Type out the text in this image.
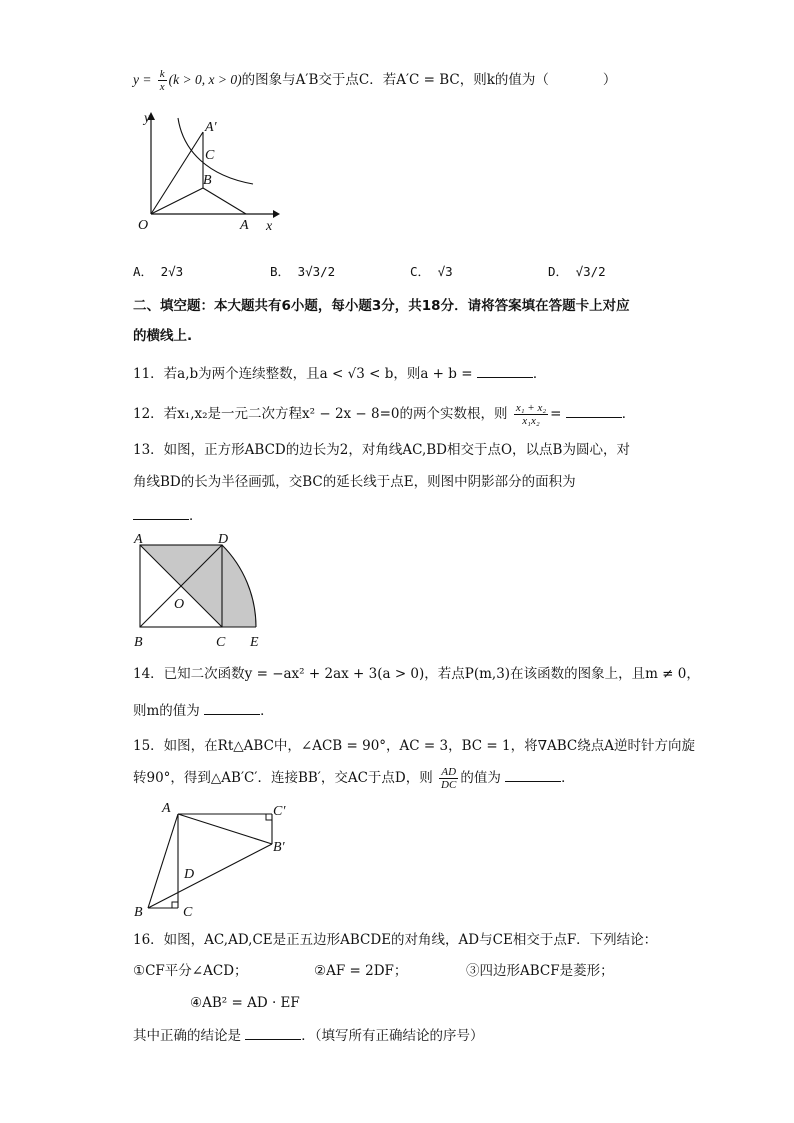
$y = \frac{k}{x} (k > 0$, x > 0)的图象与A′B交于点C．若A′C = BC，则k的值为（　　　　）
y
x
O	A
A′
C
B
A． 2√3	B． 3√3/2	C． √3	D． √3/2
二、填空题：本大题共有6小题，每小题3分，共18分．请将答案填在答题卡上对应
的横线上.
11．若a,b为两个连续整数，且a < √3 < b，则a + b =	．
12．若x₁,x₂是一元二次方程x² − 2x − 8=0的两个实数根，则 $\frac{\text{x₁ + x₂}}{\text{x₁x₂}}$ =	．
13．如图，正方形ABCD的边长为2，对角线AC,BD相交于点O，以点B为圆心，对
角线BD的长为半径画弧，交BC的延长线于点E，则图中阴影部分的面积为
．
A	D
O
B	C E
14．已知二次函数y = −ax² + 2ax + 3(a > 0)，若点P(m,3)在该函数的图象上，且m ≠ 0，
则m的值为	．
15．如图，在Rt△ABC中，∠ACB = 90°，AC = 3，BC = 1，将∇ABC绕点A逆时针方向旋
转90°，得到△AB′C′．连接BB′，交AC于点D，则 $\frac{AD}{DC}$ 的值为	．
A	C′
B′
D
B	C
16．如图，AC,AD,CE是正五边形ABCDE的对角线，AD与CE相交于点F．下列结论：
①CF平分∠ACD；	②AF = 2DF；	③四边形ABCF是菱形；
④AB² = AD · EF
其中正确的结论是	．（填写所有正确结论的序号）
